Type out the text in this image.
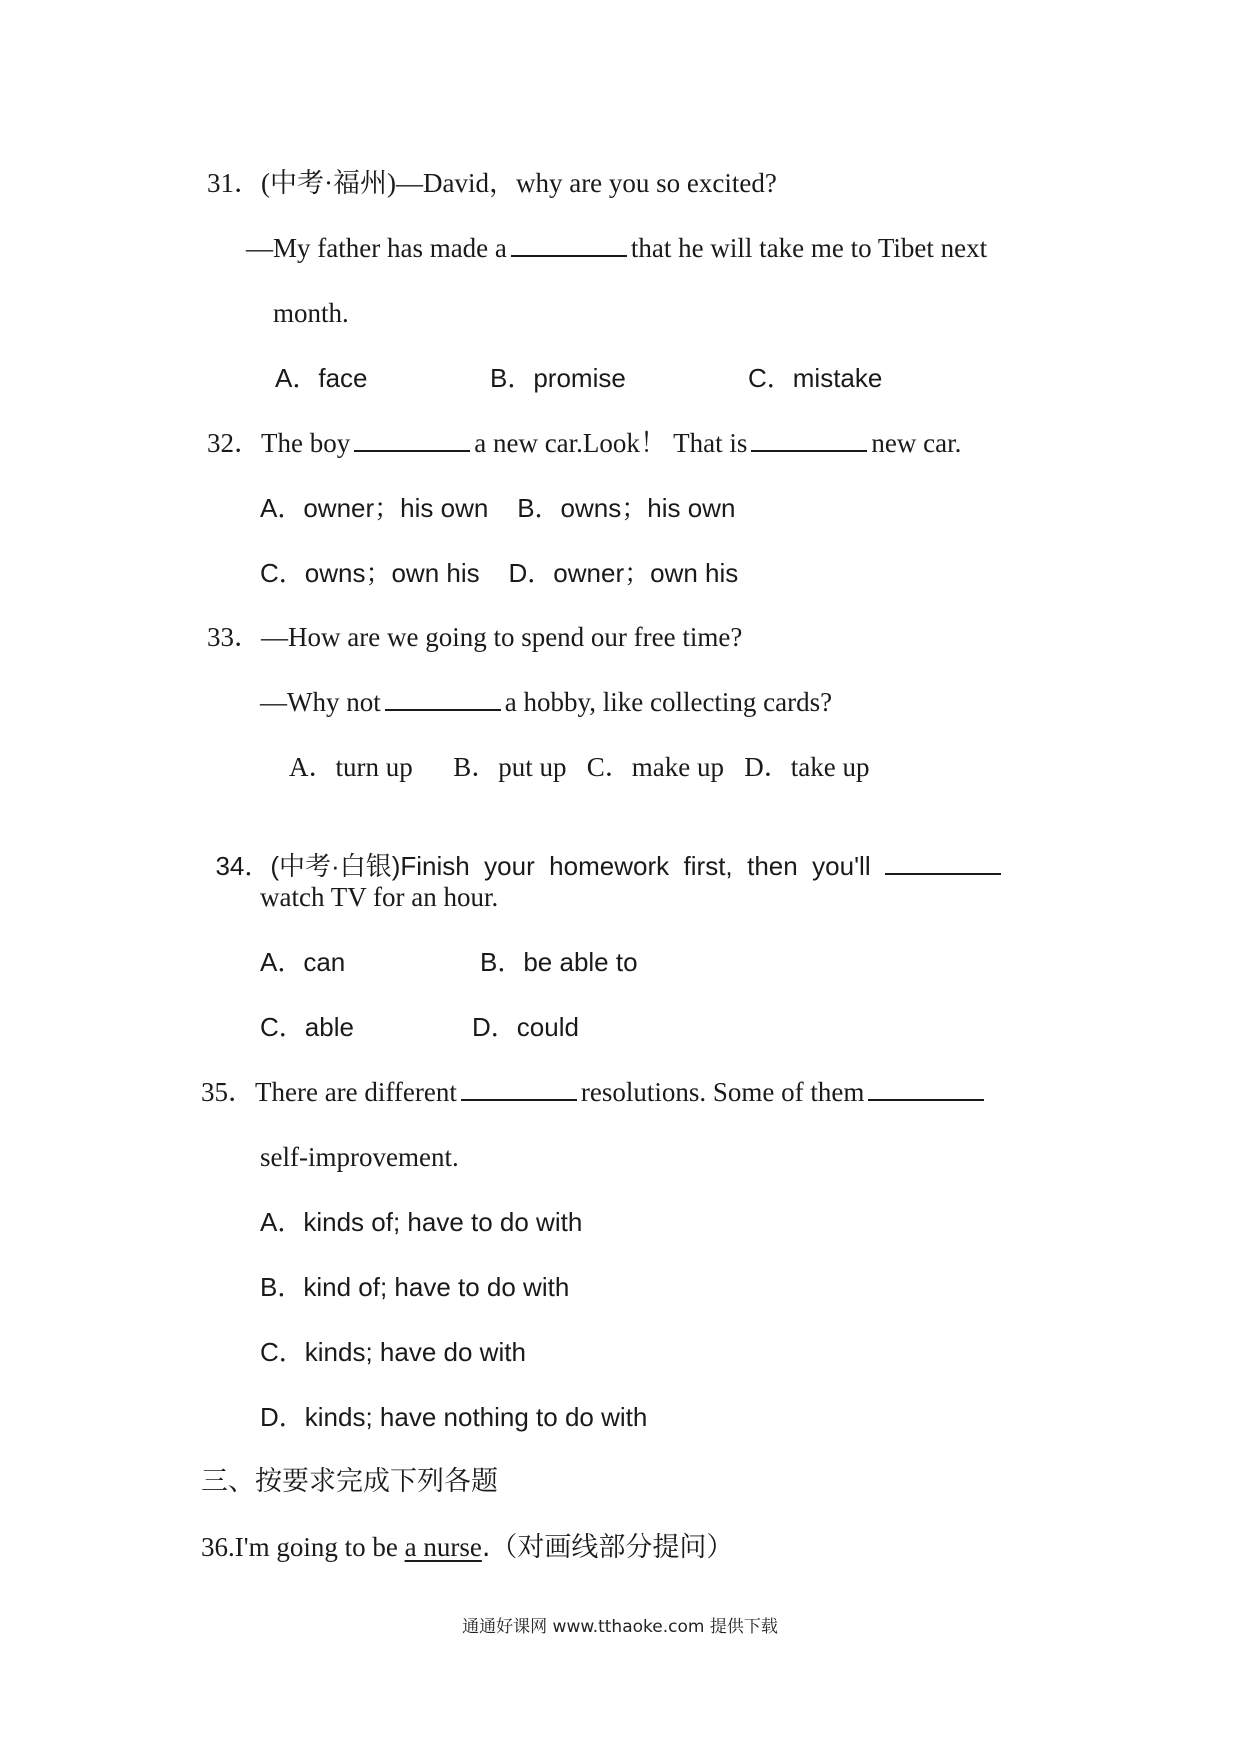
31．(中考·福州)—David，why are you so excited?
—My father has made a	that he will take me to Tibet next
month.
A．face	B．promise	C．mistake
32．The boy	a new car.Look！ That is	new car.
A．owner；his own    B．owns；his own
C．owns；own his    D．owner；own his
33．—How are we going to spend our free time?
—Why not	a hobby, like collecting cards?
A．turn up      B．put up   C．make up   D．take up

34．(中考·白银)Finish  your  homework  first,  then  you'll

watch TV for an hour.
A．can	B．be able to
C．able	D．could
35．There are different	resolutions. Some of them
self-improvement.
A．kinds of; have to do with
B．kind of; have to do with
C．kinds; have do with
D．kinds; have nothing to do with
三、按要求完成下列各题
36.I'm going to be a nurse.（对画线部分提问）
通通好课网 www.tthaoke.com 提供下载
